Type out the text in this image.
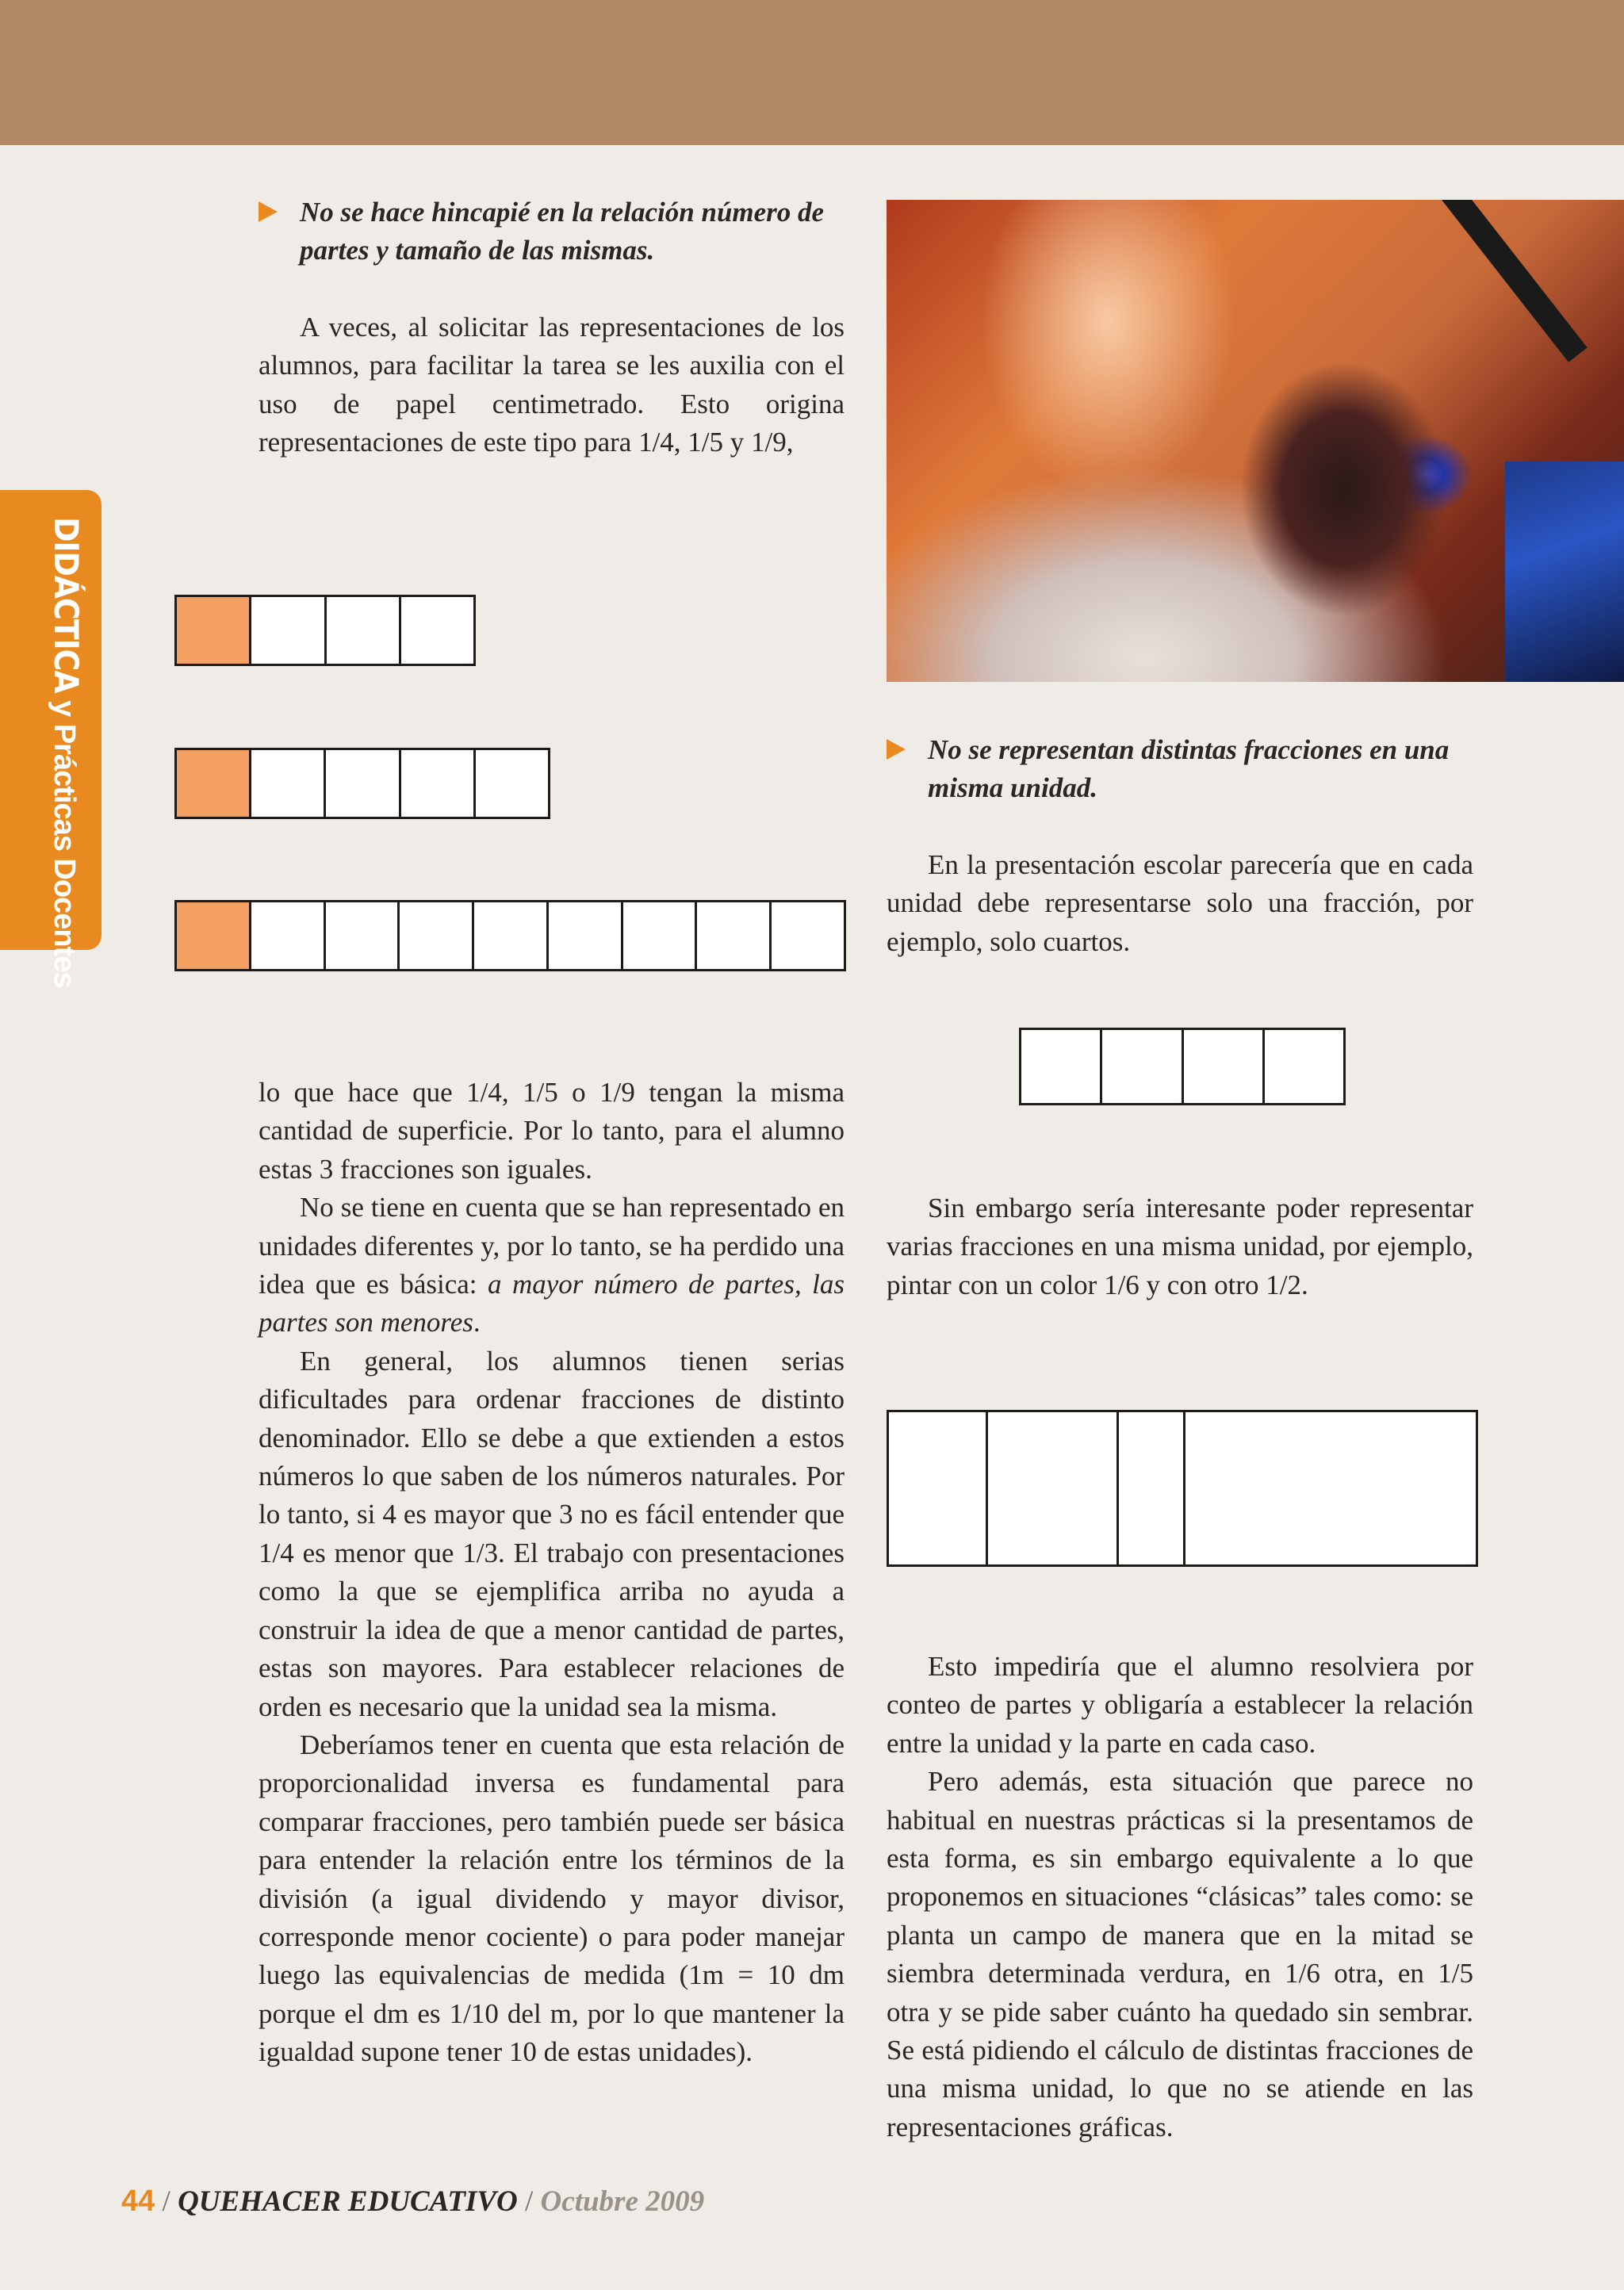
DIDÁCTICA y Prácticas Docentes

No se hace hincapié en la relación número de partes y tamaño de las mismas.

A veces, al solicitar las representaciones de los alumnos, para facilitar la tarea se les auxilia con el uso de papel centimetrado. Esto origina representaciones de este tipo para 1/4, 1/5 y 1/9,

lo que hace que 1/4, 1/5 o 1/9 tengan la misma cantidad de superficie. Por lo tanto, para el alumno estas 3 fracciones son iguales.

No se tiene en cuenta que se han representado en unidades diferentes y, por lo tanto, se ha perdido una idea que es básica: a mayor número de partes, las partes son menores.

En general, los alumnos tienen serias dificultades para ordenar fracciones de distinto denominador. Ello se debe a que extienden a estos números lo que saben de los números naturales. Por lo tanto, si 4 es mayor que 3 no es fácil entender que 1/4 es menor que 1/3. El trabajo con presentaciones como la que se ejemplifica arriba no ayuda a construir la idea de que a menor cantidad de partes, estas son mayores. Para establecer relaciones de orden es necesario que la unidad sea la misma.

Deberíamos tener en cuenta que esta relación de proporcionalidad inversa es fundamental para comparar fracciones, pero también puede ser básica para entender la relación entre los términos de la división (a igual dividendo y mayor divisor, corresponde menor cociente) o para poder manejar luego las equivalencias de medida (1m = 10 dm porque el dm es 1/10 del m, por lo que mantener la igualdad supone tener 10 de estas unidades).

No se representan distintas fracciones en una misma unidad.

En la presentación escolar parecería que en cada unidad debe representarse solo una fracción, por ejemplo, solo cuartos.

Sin embargo sería interesante poder representar varias fracciones en una misma unidad, por ejemplo, pintar con un color 1/6 y con otro 1/2.

Esto impediría que el alumno resolviera por conteo de partes y obligaría a establecer la relación entre la unidad y la parte en cada caso.

Pero además, esta situación que parece no habitual en nuestras prácticas si la presentamos de esta forma, es sin embargo equivalente a lo que proponemos en situaciones “clásicas” tales como: se planta un campo de manera que en la mitad se siembra determinada verdura, en 1/6 otra, en 1/5 otra y se pide saber cuánto ha quedado sin sembrar. Se está pidiendo el cálculo de distintas fracciones de una misma unidad, lo que no se atiende en las representaciones gráficas.

44 / QUEHACER EDUCATIVO / Octubre 2009
